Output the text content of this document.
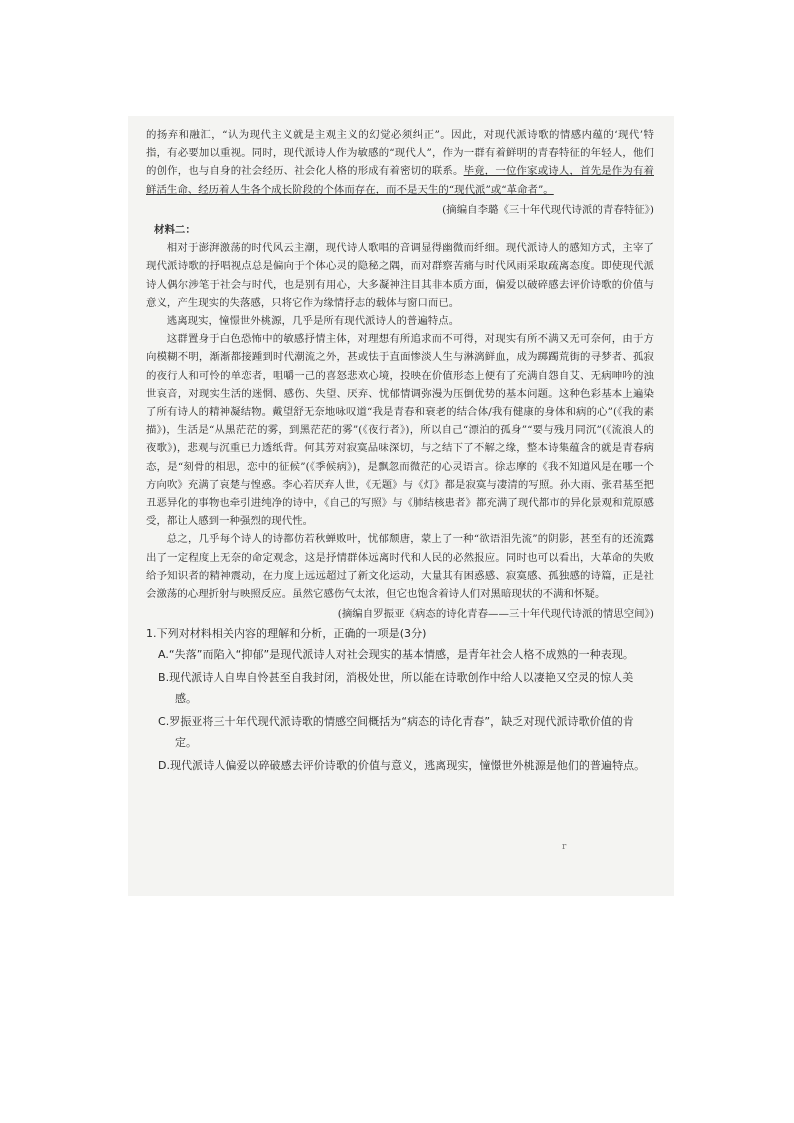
的扬弃和融汇，“认为现代主义就是主观主义的幻觉必须纠正”。因此，对现代派诗歌的情感内蕴的‘现代’特指，有必要加以重视。同时，现代派诗人作为敏感的“现代人”，作为一群有着鲜明的青春特征的年轻人，他们的创作，也与自身的社会经历、社会化人格的形成有着密切的联系。毕竟，一位作家或诗人，首先是作为有着鲜活生命、经历着人生各个成长阶段的个体而存在，而不是天生的“现代派”或“革命者”。

(摘编自李璐《三十年代现代诗派的青春特征》)
材料二：

相对于澎湃激荡的时代风云主潮，现代诗人歌唱的音调显得幽微而纤细。现代派诗人的感知方式，主宰了现代派诗歌的抒唱视点总是偏向于个体心灵的隐秘之隅，而对群察苦痛与时代风雨采取疏离态度。即使现代派诗人偶尔涉笔于社会与时代，也是别有用心，大多凝神注目其非本质方面，偏爱以破碎感去评价诗歌的价值与意义，产生现实的失落感，只将它作为缘情抒志的载体与窗口而已。

逃离现实，憧憬世外桃源，几乎是所有现代派诗人的普遍特点。

这群置身于白色恐怖中的敏感抒情主体，对理想有所追求而不可得，对现实有所不满又无可奈何，由于方向模糊不明，渐渐都接踵到时代潮流之外，甚或怯于直面惨淡人生与淋漓鲜血，成为踯躅荒街的寻梦者、孤寂的夜行人和可怜的单恋者，咀嚼一己的喜怒悲欢心境，投映在价值形态上便有了充满自怨自艾、无病呻吟的浊世哀音，对现实生活的迷惘、感伤、失望、厌弃、忧郁情调弥漫为压倒优势的基本问题。这种色彩基本上遍染了所有诗人的精神凝结物。戴望舒无奈地咏叹道“我是青春和衰老的结合体/我有健康的身体和病的心”(《我的素描》)，生活是“从黑茫茫的雾，到黑茫茫的雾”(《夜行者》)，所以自己“漂泊的孤身”“要与残月同沉”(《流浪人的夜歌》)，悲观与沉重已力透纸背。何其芳对寂寞品味深切，与之结下了不解之缘，整本诗集蕴含的就是青春病态，是“刻骨的相思，恋中的征候”(《季候病》)，是飘忽而微茫的心灵语言。徐志摩的《我不知道风是在哪一个方向吹》充满了哀楚与惶惑。李心若厌弃人世，《无题》与《灯》都是寂寞与凄清的写照。孙大雨、张君基至把丑恶异化的事物也牵引进纯净的诗中，《自己的写照》与《肺结核患者》都充满了现代都市的异化景观和荒原感受，都让人感到一种强烈的现代性。

总之，几乎每个诗人的诗都仿若秋蝉败叶，忧郁颓唐，蒙上了一种“欲语泪先流”的阴影，甚至有的还流露出了一定程度上无奈的命定观念，这是抒情群体远离时代和人民的必然报应。同时也可以看出，大革命的失败给予知识者的精神震动，在力度上远远超过了新文化运动，大量其有困惑感、寂寞感、孤独感的诗篇，正是社会激荡的心理折射与映照反应。虽然它感伤气太浓，但它也饱含着诗人们对黑暗现状的不满和怀疑。

(摘编自罗振亚《病态的诗化青春——三十年代现代诗派的情思空间》)
1.下列对材料相关内容的理解和分析，正确的一项是(3分)
A.“失落”而陷入“抑郁”是现代派诗人对社会现实的基本情感，是青年社会人格不成熟的一种表现。
B.现代派诗人自卑自怜甚至自我封闭，消极处世，所以能在诗歌创作中给人以凄艳又空灵的惊人美感。
C.罗振亚将三十年代现代派诗歌的情感空间概括为“病态的诗化青春”，缺乏对现代派诗歌价值的肯定。
D.现代派诗人偏爱以碎破感去评价诗歌的价值与意义，逃离现实，憧憬世外桃源是他们的普遍特点。
r
